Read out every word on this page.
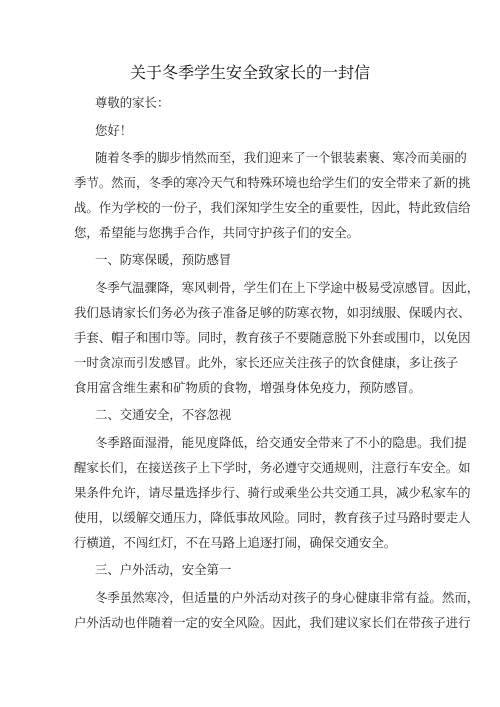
关于冬季学生安全致家长的一封信
尊敬的家长：
您好！
随着冬季的脚步悄然而至，我们迎来了一个银装素裹、寒冷而美丽的
季节。然而，冬季的寒冷天气和特殊环境也给学生们的安全带来了新的挑
战。作为学校的一份子，我们深知学生安全的重要性，因此，特此致信给
您，希望能与您携手合作，共同守护孩子们的安全。
一、防寒保暖，预防感冒
冬季气温骤降，寒风刺骨，学生们在上下学途中极易受凉感冒。因此，
我们恳请家长们务必为孩子准备足够的防寒衣物，如羽绒服、保暖内衣、
手套、帽子和围巾等。同时，教育孩子不要随意脱下外套或围巾，以免因
一时贪凉而引发感冒。此外，家长还应关注孩子的饮食健康，多让孩子
食用富含维生素和矿物质的食物，增强身体免疫力，预防感冒。
二、交通安全，不容忽视
冬季路面湿滑，能见度降低，给交通安全带来了不小的隐患。我们提
醒家长们，在接送孩子上下学时，务必遵守交通规则，注意行车安全。如
果条件允许，请尽量选择步行、骑行或乘坐公共交通工具，减少私家车的
使用，以缓解交通压力，降低事故风险。同时，教育孩子过马路时要走人
行横道，不闯红灯，不在马路上追逐打闹，确保交通安全。
三、户外活动，安全第一
冬季虽然寒冷，但适量的户外活动对孩子的身心健康非常有益。然而，
户外活动也伴随着一定的安全风险。因此，我们建议家长们在带孩子进行
